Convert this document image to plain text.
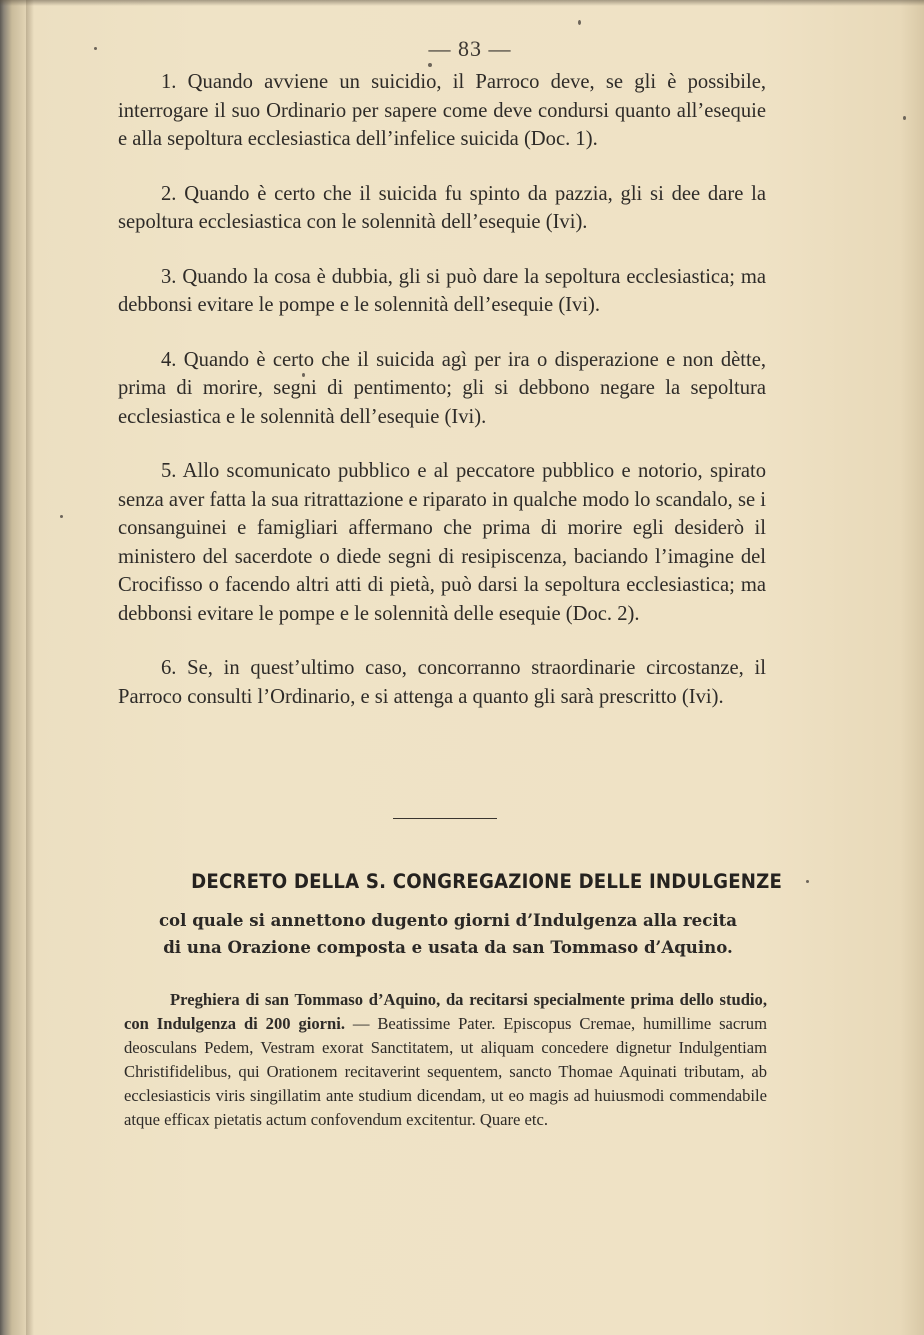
— 83 —

1. Quando avviene un suicidio, il Parroco deve, se gli è possibile, interrogare il suo Ordinario per sapere come deve condursi quanto all’esequie e alla sepoltura ecclesiastica dell’infelice suicida (Doc. 1).

2. Quando è certo che il suicida fu spinto da pazzia, gli si dee dare la sepoltura ecclesiastica con le solennità dell’esequie (Ivi).

3. Quando la cosa è dubbia, gli si può dare la sepoltura ecclesiastica; ma debbonsi evitare le pompe e le solennità dell’esequie (Ivi).

4. Quando è certo che il suicida agì per ira o disperazione e non dètte, prima di morire, segni di pentimento; gli si debbono negare la sepoltura ecclesiastica e le solennità dell’esequie (Ivi).

5. Allo scomunicato pubblico e al peccatore pubblico e notorio, spirato senza aver fatta la sua ritrattazione e riparato in qualche modo lo scandalo, se i consanguinei e famigliari affermano che prima di morire egli desiderò il ministero del sacerdote o diede segni di resipiscenza, baciando l’imagine del Crocifisso o facendo altri atti di pietà, può darsi la sepoltura ecclesiastica; ma debbonsi evitare le pompe e le solennità delle esequie (Doc. 2).

6. Se, in quest’ultimo caso, concorranno straordinarie circostanze, il Parroco consulti l’Ordinario, e si attenga a quanto gli sarà prescritto (Ivi).

DECRETO DELLA S. CONGREGAZIONE DELLE INDULGENZE
col quale si annettono dugento giorni d’Indulgenza alla recita
di una Orazione composta e usata da san Tommaso d’Aquino.

Preghiera di san Tommaso d’Aquino, da recitarsi specialmente prima dello studio, con Indulgenza di 200 giorni. — Beatissime Pater. Episcopus Cremae, humillime sacrum deosculans Pedem, Vestram exorat Sanctitatem, ut aliquam concedere dignetur Indulgentiam Christifidelibus, qui Orationem recitaverint sequentem, sancto Thomae Aquinati tributam, ab ecclesiasticis viris singillatim ante studium dicendam, ut eo magis ad huiusmodi commendabile atque efficax pietatis actum confovendum excitentur. Quare etc.
